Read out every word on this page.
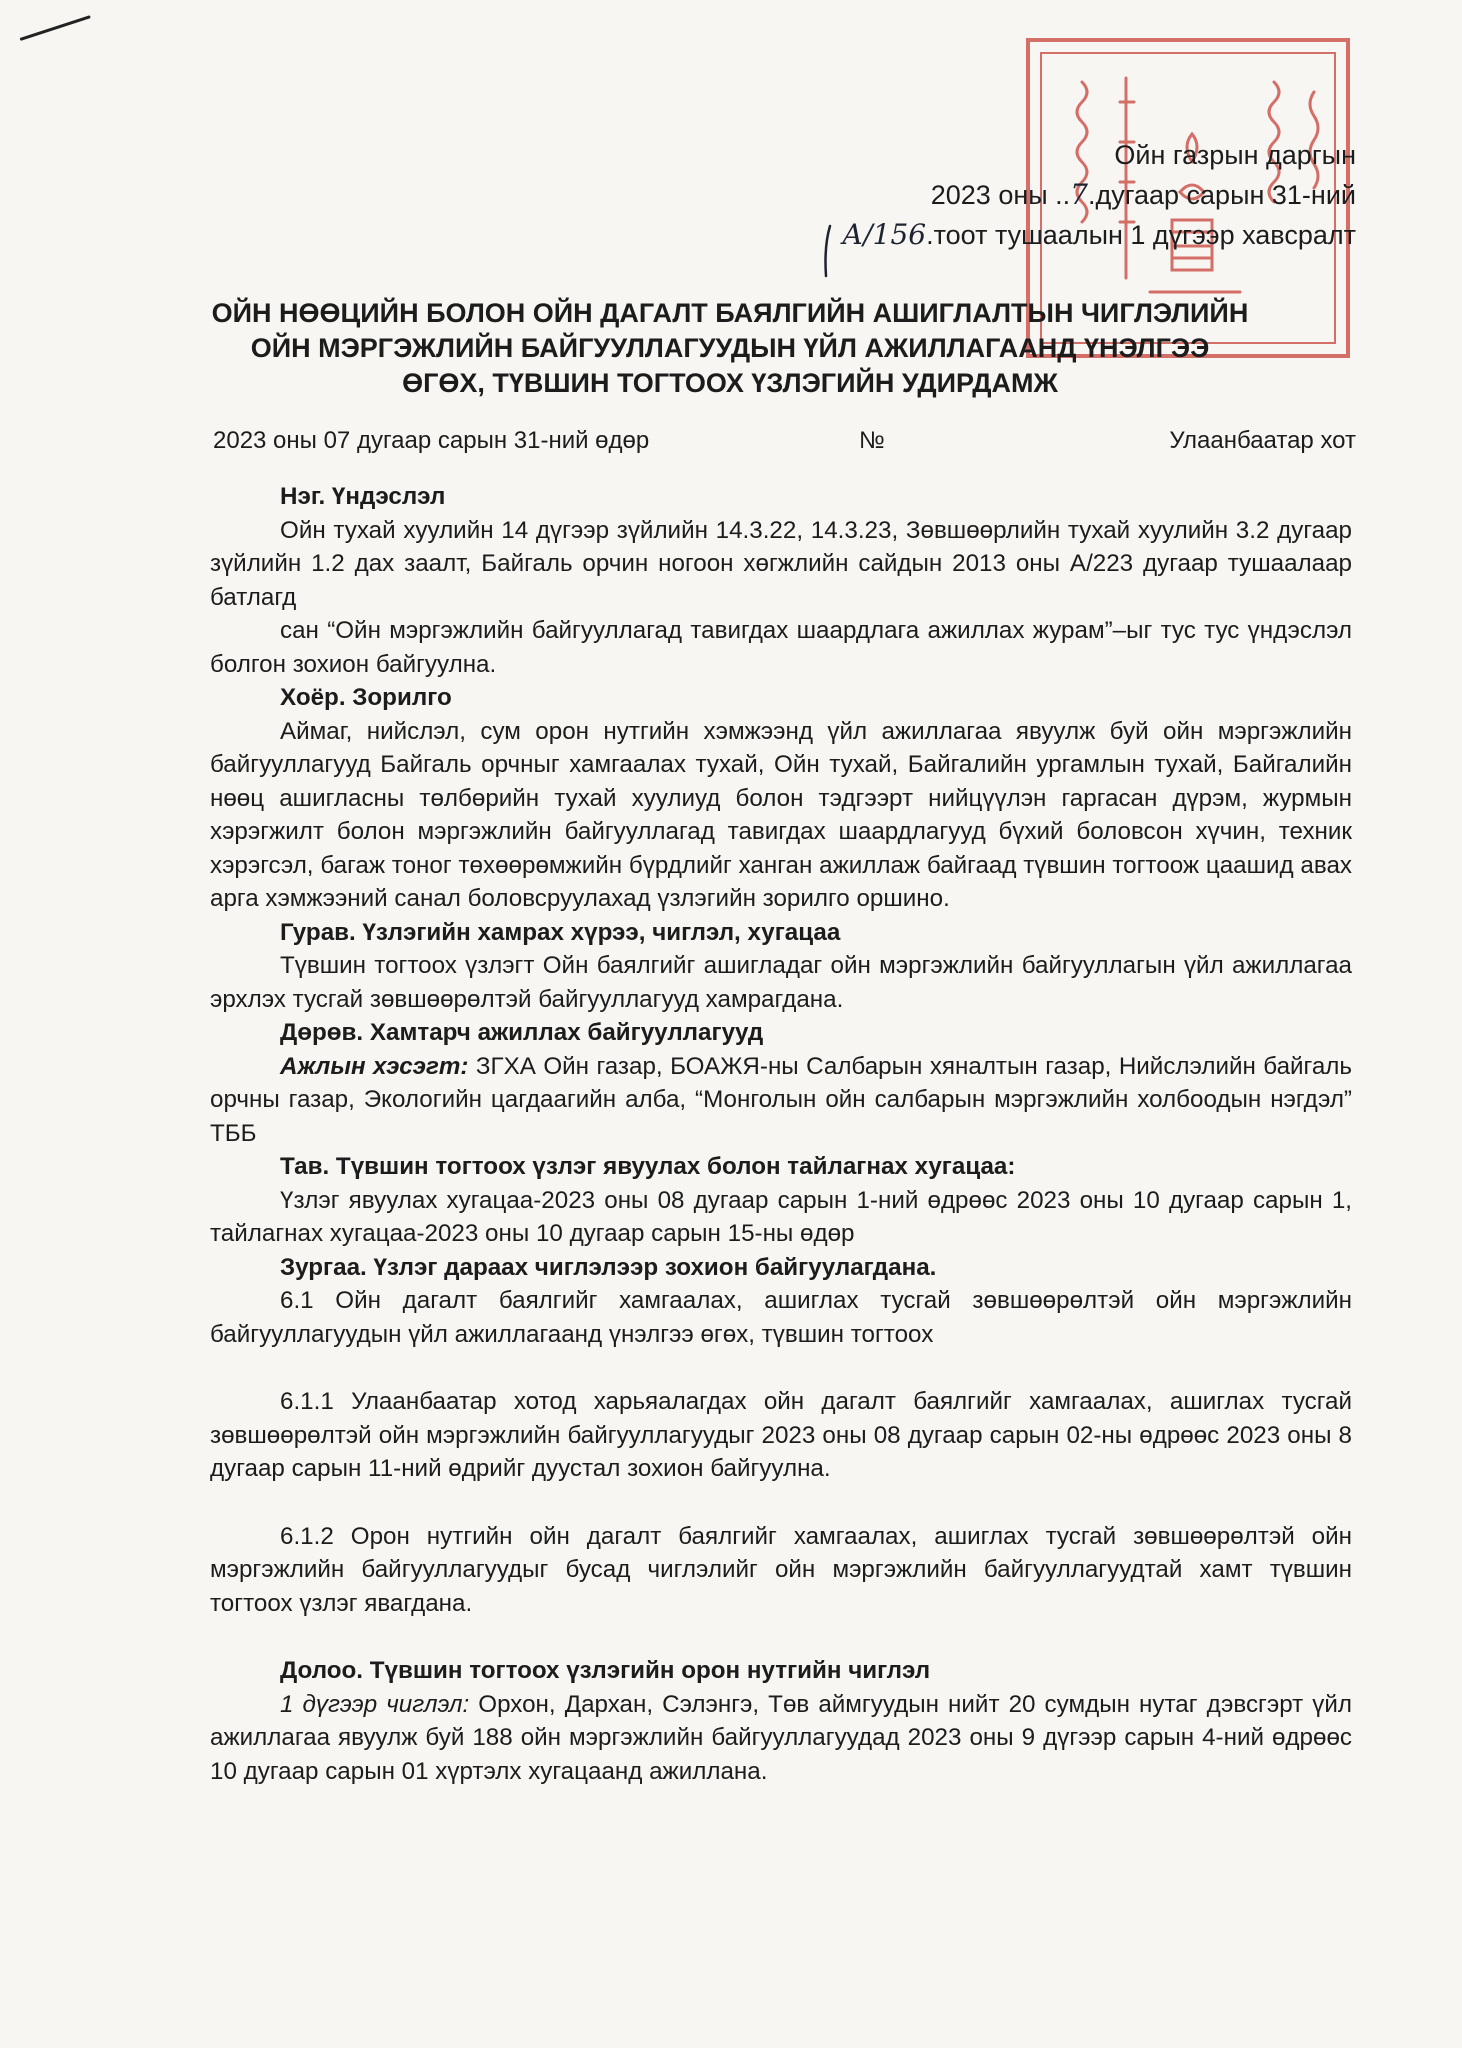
Ойн газрын даргын
2023 оны ..7.дугаар сарын 31-ний
А/156.тоот тушаалын 1 дүгээр хавсралт
ОЙН НӨӨЦИЙН БОЛОН ОЙН ДАГАЛТ БАЯЛГИЙН АШИГЛАЛТЫН ЧИГЛЭЛИЙН
ОЙН МЭРГЭЖЛИЙН БАЙГУУЛЛАГУУДЫН ҮЙЛ АЖИЛЛАГААНД ҮНЭЛГЭЭ
ӨГӨХ, ТҮВШИН ТОГТООХ ҮЗЛЭГИЙН УДИРДАМЖ
2023 оны 07 дугаар сарын 31-ний өдөр	№	Улаанбаатар хот

Нэг. Үндэслэл

Ойн тухай хуулийн 14 дүгээр зүйлийн 14.3.22, 14.3.23, Зөвшөөрлийн тухай хуулийн 3.2 дугаар зүйлийн 1.2 дах заалт, Байгаль орчин ногоон хөгжлийн сайдын 2013 оны А/223 дугаар тушаалаар батлагд

сан “Ойн мэргэжлийн байгууллагад тавигдах шаардлага ажиллах журам”–ыг тус тус үндэслэл болгон зохион байгуулна.

Хоёр. Зорилго

Аймаг, нийслэл, сум орон нутгийн хэмжээнд үйл ажиллагаа явуулж буй ойн мэргэжлийн байгууллагууд Байгаль орчныг хамгаалах тухай, Ойн тухай, Байгалийн ургамлын тухай, Байгалийн нөөц ашигласны төлбөрийн тухай хуулиуд болон тэдгээрт нийцүүлэн гаргасан дүрэм, журмын хэрэгжилт болон мэргэжлийн байгууллагад тавигдах шаардлагууд бүхий боловсон хүчин, техник хэрэгсэл, багаж тоног төхөөрөмжийн бүрдлийг ханган ажиллаж байгаад түвшин тогтоож цаашид авах арга хэмжээний санал боловсруулахад үзлэгийн зорилго оршино.

Гурав. Үзлэгийн хамрах хүрээ, чиглэл, хугацаа

Түвшин тогтоох үзлэгт Ойн баялгийг ашигладаг ойн мэргэжлийн байгууллагын үйл ажиллагаа эрхлэх тусгай зөвшөөрөлтэй байгууллагууд хамрагдана.

Дөрөв. Хамтарч ажиллах байгууллагууд

Ажлын хэсэгт: ЗГХА Ойн газар, БОАЖЯ-ны Салбарын хяналтын газар, Нийслэлийн байгаль орчны газар, Экологийн цагдаагийн алба, “Монголын ойн салбарын мэргэжлийн холбоодын нэгдэл” ТББ

Тав. Түвшин тогтоох үзлэг явуулах болон тайлагнах хугацаа:

Үзлэг явуулах хугацаа-2023 оны 08 дугаар сарын 1-ний өдрөөс 2023 оны 10 дугаар сарын 1, тайлагнах хугацаа-2023 оны 10 дугаар сарын 15-ны өдөр

Зургаа. Үзлэг дараах чиглэлээр зохион байгуулагдана.

6.1 Ойн дагалт баялгийг хамгаалах, ашиглах тусгай зөвшөөрөлтэй ойн мэргэжлийн байгууллагуудын үйл ажиллагаанд үнэлгээ өгөх, түвшин тогтоох

6.1.1 Улаанбаатар хотод харьяалагдах ойн дагалт баялгийг хамгаалах, ашиглах тусгай зөвшөөрөлтэй ойн мэргэжлийн байгууллагуудыг 2023 оны 08 дугаар сарын 02-ны өдрөөс 2023 оны 8 дугаар сарын 11-ний өдрийг дуустал зохион байгуулна.

6.1.2 Орон нутгийн ойн дагалт баялгийг хамгаалах, ашиглах тусгай зөвшөөрөлтэй ойн мэргэжлийн байгууллагуудыг бусад чиглэлийг ойн мэргэжлийн байгууллагуудтай хамт түвшин тогтоох үзлэг явагдана.

Долоо. Түвшин тогтоох үзлэгийн орон нутгийн чиглэл

1 дүгээр чиглэл: Орхон, Дархан, Сэлэнгэ, Төв аймгуудын нийт 20 сумдын нутаг дэвсгэрт үйл ажиллагаа явуулж буй 188 ойн мэргэжлийн байгууллагуудад 2023 оны 9 дүгээр сарын 4-ний өдрөөс 10 дугаар сарын 01 хүртэлх хугацаанд ажиллана.
